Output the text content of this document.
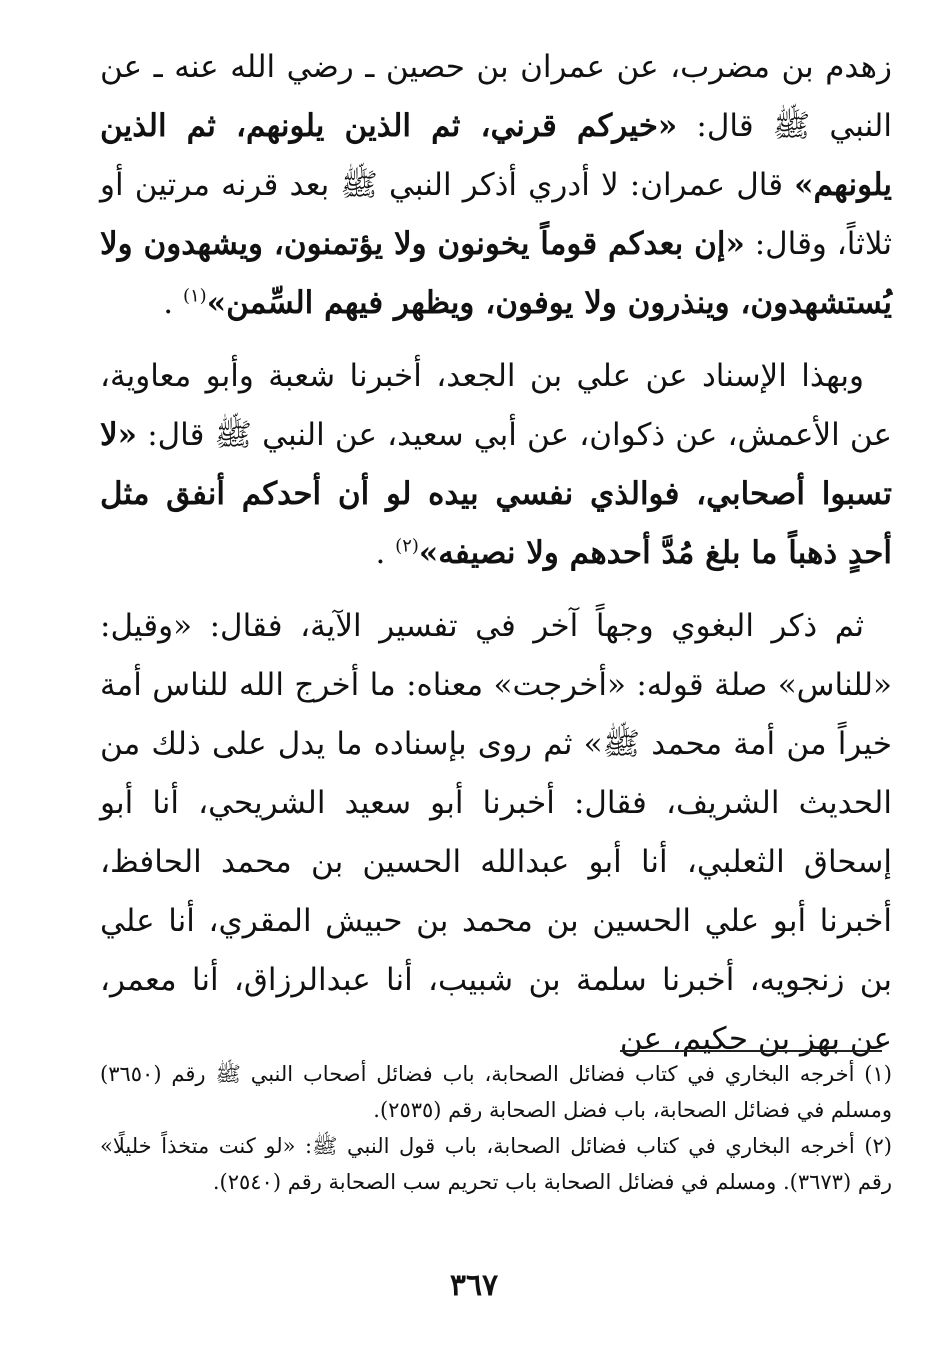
زهدم بن مضرب، عن عمران بن حصين ـ رضي الله عنه ـ عن النبي ﷺ قال: «خيركم قرني، ثم الذين يلونهم، ثم الذين يلونهم» قال عمران: لا أدري أذكر النبي ﷺ بعد قرنه مرتين أو ثلاثاً، وقال: «إن بعدكم قوماً يخونون ولا يؤتمنون، ويشهدون ولا يُستشهدون، وينذرون ولا يوفون، ويظهر فيهم السِّمن»$^{(١)}$ .

وبهذا الإسناد عن علي بن الجعد، أخبرنا شعبة وأبو معاوية، عن الأعمش، عن ذكوان، عن أبي سعيد، عن النبي ﷺ قال: «لا تسبوا أصحابي، فوالذي نفسي بيده لو أن أحدكم أنفق مثل أحدٍ ذهباً ما بلغ مُدَّ أحدهم ولا نصيفه»$^{(٢)}$ .

ثم ذكر البغوي وجهاً آخر في تفسير الآية، فقال: «وقيل: «للناس» صلة قوله: «أخرجت» معناه: ما أخرج الله للناس أمة خيراً من أمة محمد ﷺ» ثم روى بإسناده ما يدل على ذلك من الحديث الشريف، فقال: أخبرنا أبو سعيد الشريحي، أنا أبو إسحاق الثعلبي، أنا أبو عبدالله الحسين بن محمد الحافظ، أخبرنا أبو علي الحسين بن محمد بن حبيش المقري، أنا علي بن زنجويه، أخبرنا سلمة بن شبيب، أنا عبدالرزاق، أنا معمر، عن بهز بن حكيم، عن

(١) أخرجه البخاري في كتاب فضائل الصحابة، باب فضائل أصحاب النبي ﷺ رقم (٣٦٥٠) ومسلم في فضائل الصحابة، باب فضل الصحابة رقم (٢٥٣٥).

(٢) أخرجه البخاري في كتاب فضائل الصحابة، باب قول النبي ﷺ: «لو كنت متخذاً خليلًا» رقم (٣٦٧٣). ومسلم في فضائل الصحابة باب تحريم سب الصحابة رقم (٢٥٤٠).

٣٦٧
